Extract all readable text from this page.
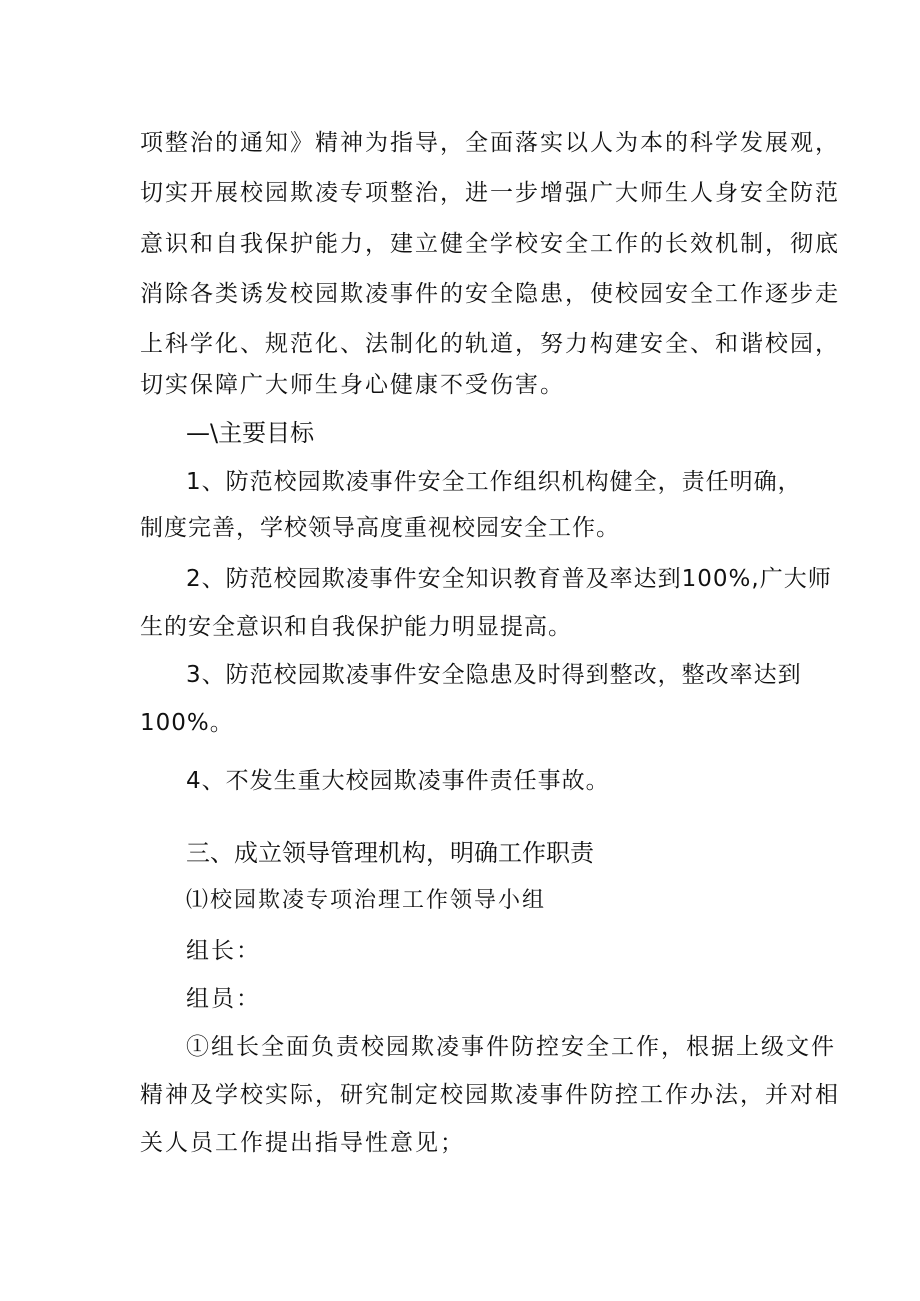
项整治的通知》精神为指导，全面落实以人为本的科学发展观，
切实开展校园欺凌专项整治，进一步增强广大师生人身安全防范
意识和自我保护能力，建立健全学校安全工作的长效机制，彻底
消除各类诱发校园欺凌事件的安全隐患，使校园安全工作逐步走
上科学化、规范化、法制化的轨道，努力构建安全、和谐校园，
切实保障广大师生身心健康不受伤害。
—\主要目标
1、防范校园欺凌事件安全工作组织机构健全，责任明确，
制度完善，学校领导高度重视校园安全工作。
2、防范校园欺凌事件安全知识教育普及率达到100%,广大师
生的安全意识和自我保护能力明显提高。
3、防范校园欺凌事件安全隐患及时得到整改，整改率达到
100%。
4、不发生重大校园欺凌事件责任事故。
三、成立领导管理机构，明确工作职责
⑴校园欺凌专项治理工作领导小组
组长：
组员：
①组长全面负责校园欺凌事件防控安全工作，根据上级文件
精神及学校实际，研究制定校园欺凌事件防控工作办法，并对相
关人员工作提出指导性意见；
